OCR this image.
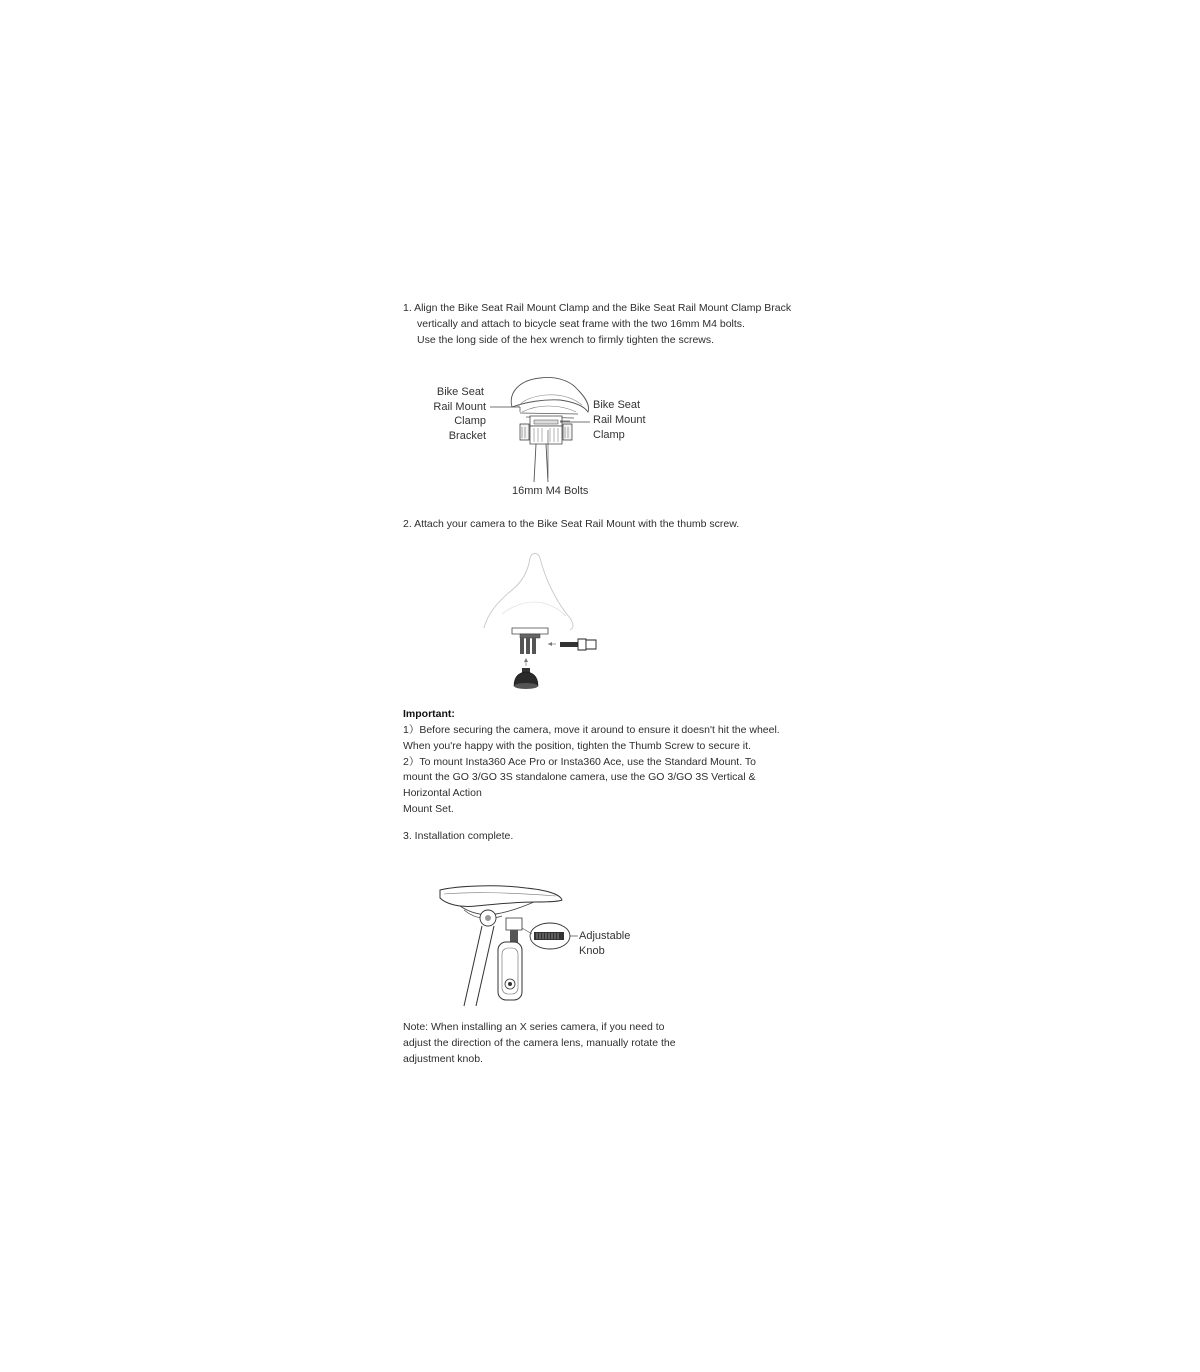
1. Align the Bike Seat Rail Mount Clamp and the Bike Seat Rail Mount Clamp Brack
vertically and attach to bicycle seat frame with the two 16mm M4 bolts.
Use the long side of the hex wrench to firmly tighten the screws.
Bike Seat
Rail Mount
Clamp
Bracket
Bike Seat
Rail Mount
Clamp
16mm M4 Bolts
2. Attach your camera to the Bike Seat Rail Mount with the thumb screw.
Important:
1）Before securing the camera, move it around to ensure it doesn't hit the wheel.
When you're happy with the position, tighten the Thumb Screw to secure it.
2）To mount Insta360 Ace Pro or Insta360 Ace, use the Standard Mount. To
mount the GO 3/GO 3S standalone camera, use the GO 3/GO 3S Vertical &
Horizontal Action
Mount Set.
3. Installation complete.
Adjustable
Knob
Note: When installing an X series camera, if you need to
adjust the direction of the camera lens, manually rotate the
adjustment knob.
